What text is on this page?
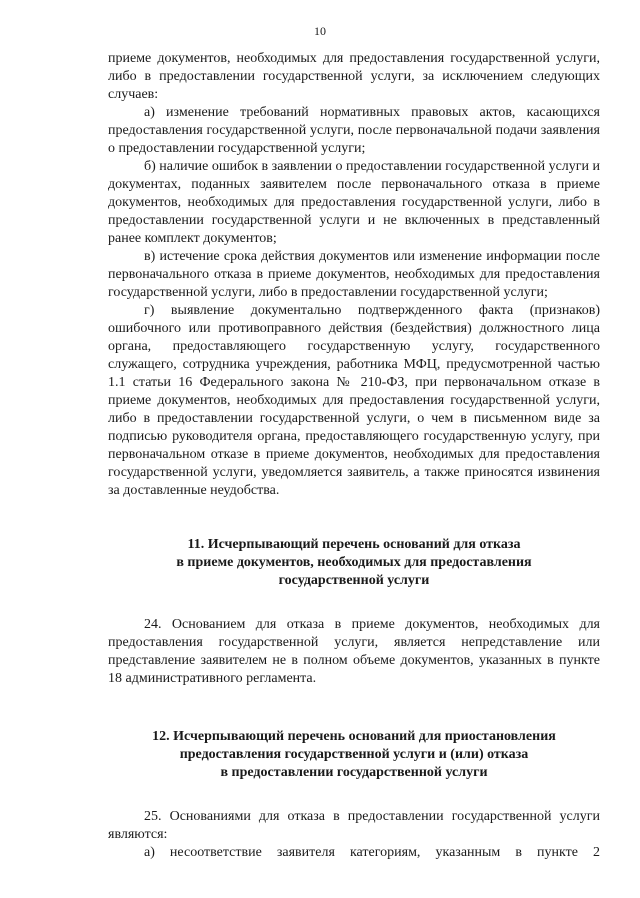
10

приеме документов, необходимых для предоставления государственной услуги, либо в предоставлении государственной услуги, за исключением следующих случаев:

а) изменение требований нормативных правовых актов, касающихся предоставления государственной услуги, после первоначальной подачи заявления о предоставлении государственной услуги;

б) наличие ошибок в заявлении о предоставлении государственной услуги и документах, поданных заявителем после первоначального отказа в приеме документов, необходимых для предоставления государственной услуги, либо в предоставлении государственной услуги и не включенных в представленный ранее комплект документов;

в) истечение срока действия документов или изменение информации после первоначального отказа в приеме документов, необходимых для предоставления государственной услуги, либо в предоставлении государственной услуги;

г) выявление документально подтвержденного факта (признаков) ошибочного или противоправного действия (бездействия) должностного лица органа, предоставляющего государственную услугу, государственного служащего, сотрудника учреждения, работника МФЦ, предусмотренной частью 1.1 статьи 16 Федерального закона № 210-ФЗ, при первоначальном отказе в приеме документов, необходимых для предоставления государственной услуги, либо в предоставлении государственной услуги, о чем в письменном виде за подписью руководителя органа, предоставляющего государственную услугу, при первоначальном отказе в приеме документов, необходимых для предоставления государственной услуги, уведомляется заявитель, а также приносятся извинения за доставленные неудобства.

11. Исчерпывающий перечень оснований для отказа
в приеме документов, необходимых для предоставления
государственной услуги

24. Основанием для отказа в приеме документов, необходимых для предоставления государственной услуги, является непредставление или представление заявителем не в полном объеме документов, указанных в пункте 18 административного регламента.

12. Исчерпывающий перечень оснований для приостановления
предоставления государственной услуги и (или) отказа
в предоставлении государственной услуги

25. Основаниями для отказа в предоставлении государственной услуги являются:

а) несоответствие заявителя категориям, указанным в пункте 2
